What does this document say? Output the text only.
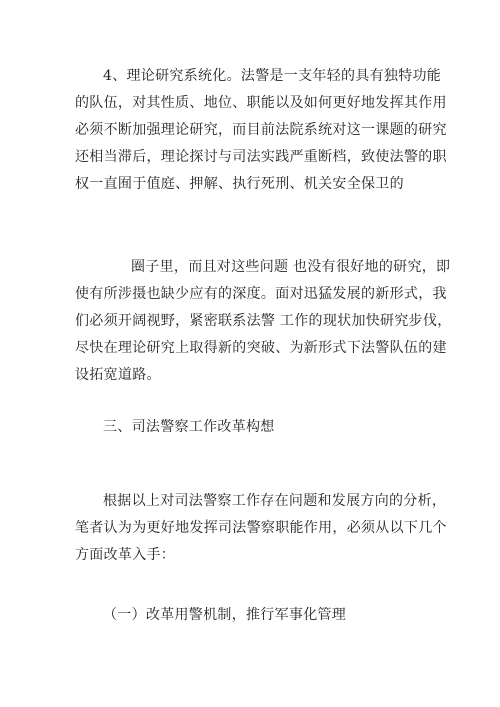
4、理论研究系统化。法警是一支年轻的具有独特功能
的队伍，对其性质、地位、职能以及如何更好地发挥其作用
必须不断加强理论研究，而目前法院系统对这一课题的研究
还相当滞后，理论探讨与司法实践严重断档，致使法警的职
权一直囿于值庭、押解、执行死刑、机关安全保卫的
圈子里，而且对这些问题 也没有很好地的研究，即
使有所涉摄也缺少应有的深度。面对迅猛发展的新形式，我
们必须开阔视野，紧密联系法警 工作的现状加快研究步伐，
尽快在理论研究上取得新的突破、为新形式下法警队伍的建
设拓宽道路。
三、司法警察工作改革构想
根据以上对司法警察工作存在问题和发展方向的分析，
笔者认为为更好地发挥司法警察职能作用，必须从以下几个
方面改革入手：
（一）改革用警机制，推行军事化管理
